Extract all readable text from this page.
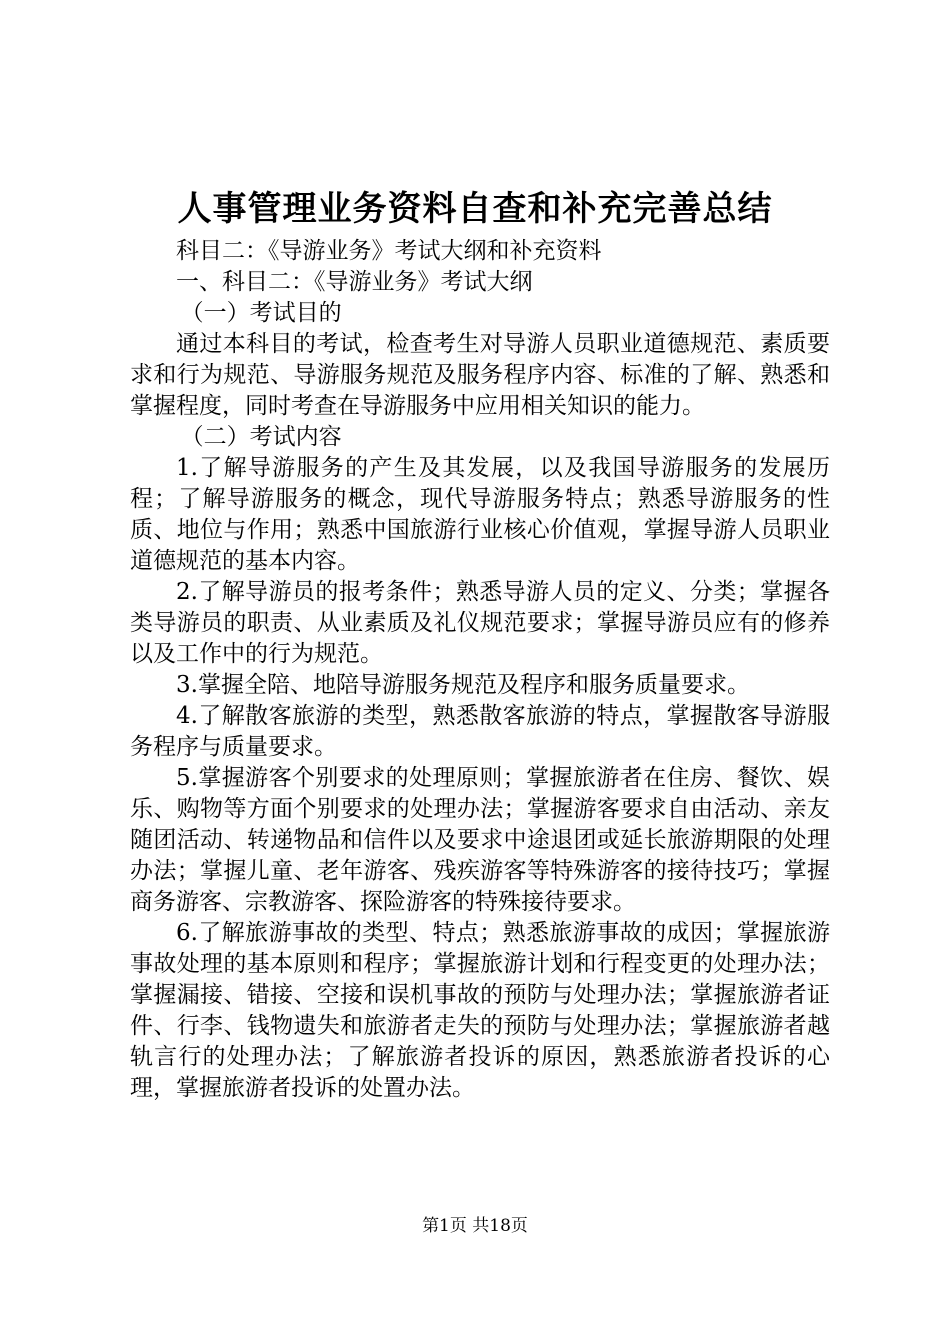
人事管理业务资料自查和补充完善总结

科目二：《导游业务》考试大纲和补充资料

一、科目二：《导游业务》考试大纲

（一）考试目的

通过本科目的考试，检查考生对导游人员职业道德规范、素质要求和行为规范、导游服务规范及服务程序内容、标准的了解、熟悉和掌握程度，同时考查在导游服务中应用相关知识的能力。

（二）考试内容

1.了解导游服务的产生及其发展，以及我国导游服务的发展历程；了解导游服务的概念，现代导游服务特点；熟悉导游服务的性质、地位与作用；熟悉中国旅游行业核心价值观，掌握导游人员职业道德规范的基本内容。

2.了解导游员的报考条件；熟悉导游人员的定义、分类；掌握各类导游员的职责、从业素质及礼仪规范要求；掌握导游员应有的修养以及工作中的行为规范。

3.掌握全陪、地陪导游服务规范及程序和服务质量要求。

4.了解散客旅游的类型，熟悉散客旅游的特点，掌握散客导游服务程序与质量要求。

5.掌握游客个别要求的处理原则；掌握旅游者在住房、餐饮、娱乐、购物等方面个别要求的处理办法；掌握游客要求自由活动、亲友随团活动、转递物品和信件以及要求中途退团或延长旅游期限的处理办法；掌握儿童、老年游客、残疾游客等特殊游客的接待技巧；掌握商务游客、宗教游客、探险游客的特殊接待要求。

6.了解旅游事故的类型、特点；熟悉旅游事故的成因；掌握旅游事故处理的基本原则和程序；掌握旅游计划和行程变更的处理办法；掌握漏接、错接、空接和误机事故的预防与处理办法；掌握旅游者证件、行李、钱物遗失和旅游者走失的预防与处理办法；掌握旅游者越轨言行的处理办法；了解旅游者投诉的原因，熟悉旅游者投诉的心理，掌握旅游者投诉的处置办法。

第1页 共18页
